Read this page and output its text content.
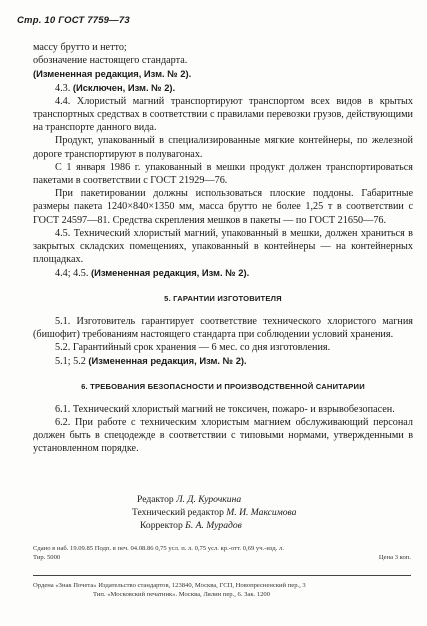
Стр. 10 ГОСТ 7759—73

массу брутто и нетто;

обозначение настоящего стандарта.

(Измененная редакция, Изм. № 2).

4.3. (Исключен, Изм. № 2).

4.4. Хлористый магний транспортируют транспортом всех видов в крытых транспортных средствах в соответствии с правилами перевозки грузов, действующими на транспорте данного вида.

Продукт, упакованный в специализированные мягкие контейнеры, по железной дороге транспортируют в полувагонах.

С 1 января 1986 г. упакованный в мешки продукт должен транспортироваться пакетами в соответствии с ГОСТ 21929—76.

При пакетировании должны использоваться плоские поддоны. Габаритные размеры пакета 1240×840×1350 мм, масса брутто не более 1,25 т в соответствии с ГОСТ 24597—81. Средства скрепления мешков в пакеты — по ГОСТ 21650—76.

4.5. Технический хлористый магний, упакованный в мешки, должен храниться в закрытых складских помещениях, упакованный в контейнеры — на контейнерных площадках.

4.4; 4.5. (Измененная редакция, Изм. № 2).

5. ГАРАНТИИ ИЗГОТОВИТЕЛЯ

5.1. Изготовитель гарантирует соответствие технического хлористого магния (бишофит) требованиям настоящего стандарта при соблюдении условий хранения.

5.2. Гарантийный срок хранения — 6 мес. со дня изготовления.

5.1; 5.2 (Измененная редакция, Изм. № 2).

6. ТРЕБОВАНИЯ БЕЗОПАСНОСТИ И ПРОИЗВОДСТВЕННОЙ САНИТАРИИ

6.1. Технический хлористый магний не токсичен, пожаро- и взрывобезопасен.

6.2. При работе с техническим хлористым магнием обслуживающий персонал должен быть в спецодежде в соответствии с типовыми нормами, утвержденными в установленном порядке.

Редактор Л. Д. Курочкина
Технический редактор М. И. Максимова
Корректор Б. А. Мурадов
Сдано в наб. 19.09.85 Подп. в печ. 04.08.86 0,75 усл. п. л. 0,75 усл. кр.-отт. 0,69 уч.-изд. л.
Тир. 5000	Цена 3 коп.
Ордена «Знак Почета» Издательство стандартов, 123840, Москва, ГСП, Новопресненский пер., 3
Тип. «Московский печатник». Москва, Лялин пер., 6. Зак. 1200
